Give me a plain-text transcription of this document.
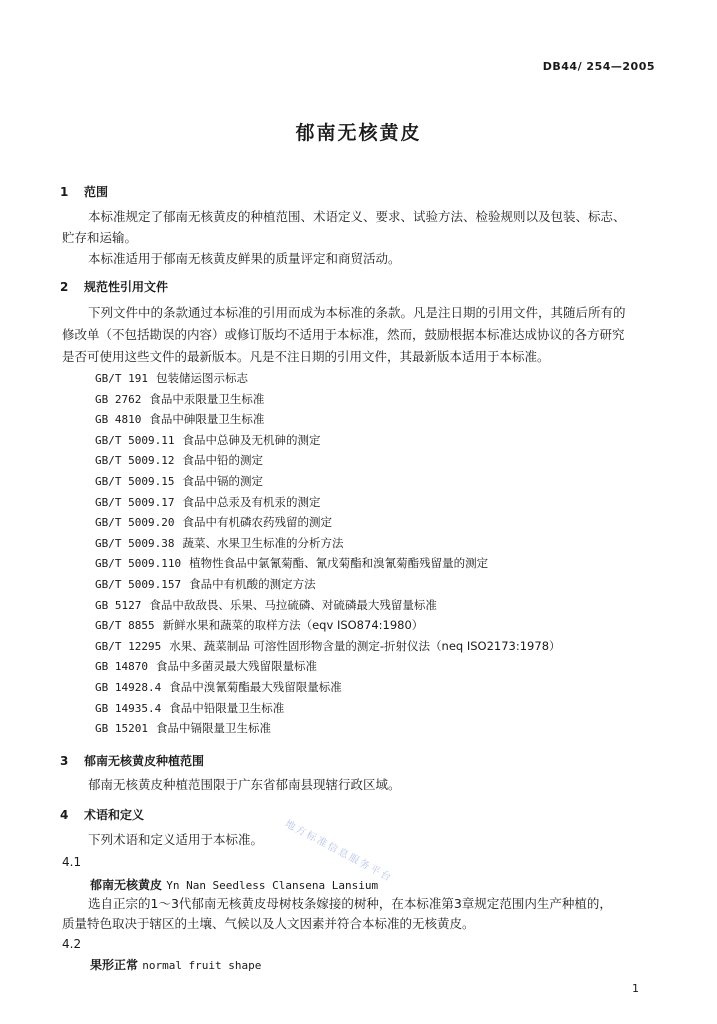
DB44/ 254—2005
郁南无核黄皮
1 范围
本标准规定了郁南无核黄皮的种植范围、术语定义、要求、试验方法、检验规则以及包装、标志、
贮存和运输。
本标准适用于郁南无核黄皮鲜果的质量评定和商贸活动。
2 规范性引用文件
下列文件中的条款通过本标准的引用而成为本标准的条款。凡是注日期的引用文件，其随后所有的
修改单（不包括勘误的内容）或修订版均不适用于本标准，然而，鼓励根据本标准达成协议的各方研究
是否可使用这些文件的最新版本。凡是不注日期的引用文件，其最新版本适用于本标准。
GB/T 191 包装储运图示标志
GB 2762 食品中汞限量卫生标准
GB 4810 食品中砷限量卫生标准
GB/T 5009.11 食品中总砷及无机砷的测定
GB/T 5009.12 食品中铅的测定
GB/T 5009.15 食品中镉的测定
GB/T 5009.17 食品中总汞及有机汞的测定
GB/T 5009.20 食品中有机磷农药残留的测定
GB/T 5009.38 蔬菜、水果卫生标准的分析方法
GB/T 5009.110 植物性食品中氯氰菊酯、氰戊菊酯和溴氰菊酯残留量的测定
GB/T 5009.157 食品中有机酸的测定方法
GB 5127 食品中敌敌畏、乐果、马拉硫磷、对硫磷最大残留量标准
GB/T 8855 新鲜水果和蔬菜的取样方法（eqv ISO874:1980）
GB/T 12295 水果、蔬菜制品 可溶性固形物含量的测定-折射仪法（neq ISO2173:1978）
GB 14870 食品中多菌灵最大残留限量标准
GB 14928.4 食品中溴氰菊酯最大残留限量标准
GB 14935.4 食品中铅限量卫生标准
GB 15201 食品中镉限量卫生标准
3 郁南无核黄皮种植范围
郁南无核黄皮种植范围限于广东省郁南县现辖行政区域。
4 术语和定义
下列术语和定义适用于本标准。
4.1
郁南无核黄皮 Yn Nan Seedless Clansena Lansium
选自正宗的1～3代郁南无核黄皮母树枝条嫁接的树种，在本标准第3章规定范围内生产种植的，
质量特色取决于辖区的土壤、气候以及人文因素并符合本标准的无核黄皮。
4.2
果形正常 normal fruit shape
地方标准信息服务平台
1
